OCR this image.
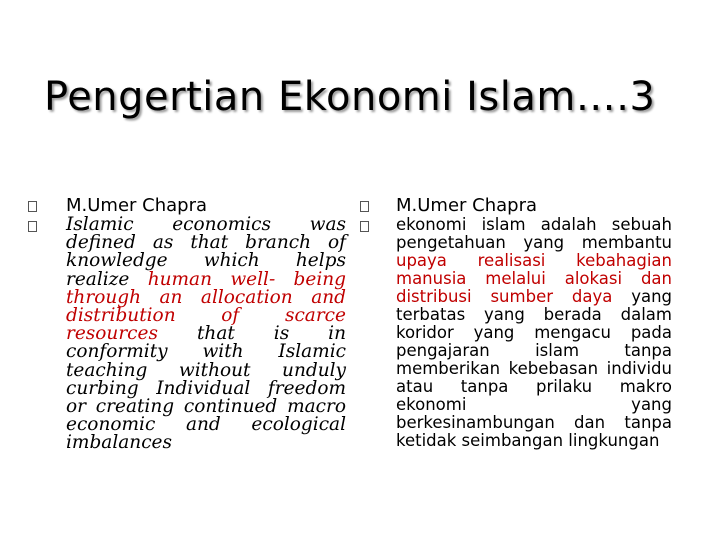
Pengertian Ekonomi Islam….3
M.Umer Chapra
Islamic economics was defined as that branch of knowledge which helps realize human well- being through an allocation and distribution of scarce resources that is in conformity with Islamic teaching without unduly curbing Individual freedom or creating continued macro economic and ecological imbalances
M.Umer Chapra
ekonomi islam adalah sebuah pengetahuan yang membantu upaya realisasi kebahagian manusia melalui alokasi dan distribusi sumber daya yang terbatas yang berada dalam koridor yang mengacu pada pengajaran islam tanpa memberikan kebebasan individu atau tanpa prilaku makro ekonomi yang berkesinambungan dan tanpa ketidak seimbangan lingkungan
